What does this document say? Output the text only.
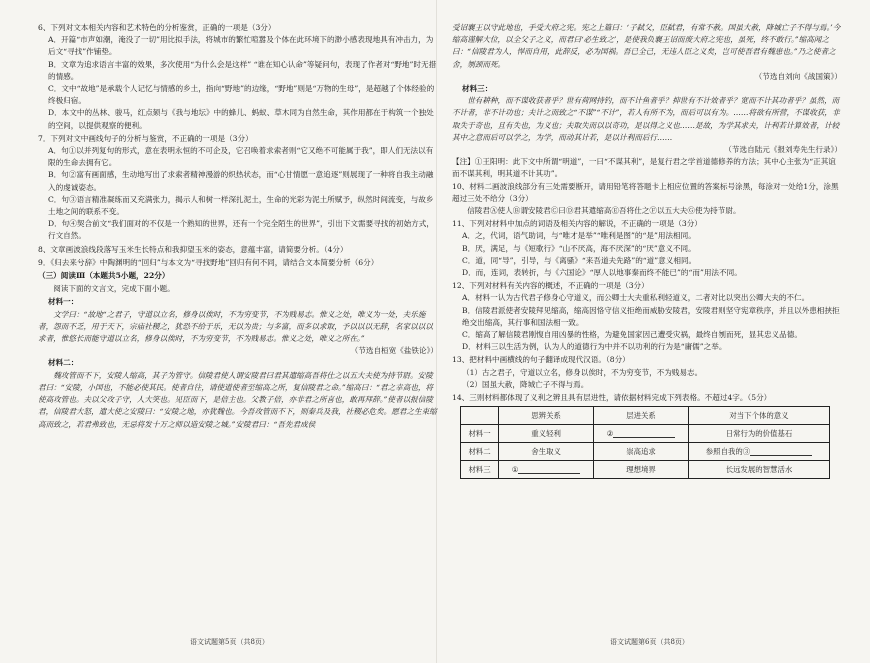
6、下列对文本相关内容和艺术特色的分析鉴赏，正确的一项是（3分）
A．开篇“市声如潮，淹没了一切”用比拟手法，将城市的繁忙喧嚣及个体在此环境下的渺小感表现地具有冲击力，为后文“寻找”作铺垫。
B．文章为追求语言丰富的效果，多次使用“为什么会是这样” “谁在知心认命”等疑问句，表现了作者对“野地”时无措的情感。
C．文中“故地”是承载个人记忆与情感的乡土，指向“野地”的边缘，“野地”则是“万物的生母”，是超越了个体经验的终极归宿。
D．本文中的丛林、骏马，红点颏与《我与地坛》中的蜂儿、蚂蚁、草木同为自然生命，其作用都在于构筑一个独处的空间，以提供观察的便利。
7．下列对文中画线句子的分析与鉴赏，不正确的一项是（3分）
A．句①以并列复句的形式，意在表明永恒的不可企及，它召唤着求索者则“它又绝不可能属于我”，即人们无法以有限的生命去拥有它。
B．句②富有画面感，生动地写出了求索者精神漫游的炽热状态，而“心甘情愿一意追逐”则展现了一种将自我主动融入的虔诚姿态。
C．句③语言精准凝练而又充满张力，揭示人和树一样深扎泥土，生命的光彩为泥土所赋予，纵然时间流变，与故乡土地之间的联系不变。
D．句④契合前文“我们面对的不仅是一个熟知的世界，还有一个完全陌生的世界”，引出下文需要寻找的初始方式，行文自然。
8、文章画波浪线段落写玉米生长特点和我抑望玉米的姿态，意蕴丰富，请简要分析。（4分）
9．《归去来兮辞》中陶渊明的“回归”与本文为“寻找野地”回归有何不同，请结合文本简要分析（6分）
（三）阅读Ⅲ（本题共5小题，22分）
阅读下面的文言文，完成下面小题。
材料一：
文学曰：“故地“之君子，守道以立名，修身以俟时，不为穷变节，不为贱易志。惟义之处，唯义为一处，夫乐施者，怨而不乏，用于天下，宗庙社稷之，犹恐不给于乐，无以为贵；与多富，而多以求取，予以以以无辞，名家以以以求者，惟悠长而能守道以立名，修身以俟时，不为穷变节，不为贱易志。惟义之处，唯义之所在。”
（节选自桓宽《盐铁论》）
材料二：
魏攻管而不下，安陵人缩高，其子为管守。信陵君使人谓安陵君曰君其遣缩高吾将仕之以五大夫使为持节尉。安陵君曰：“安陵，小国也，不能必使其民。使者自往，请使道使者至缩高之所，复信陵君之命。”缩高曰：“君之幸高也，将使高攻管也。夫以父攻子守，人大笑也。见臣而下，是倍主也。父教子倍，亦非君之所喜也，敢再拜辞。”使者以报信陵君，信陵君大怒，遣大使之安陵曰：“安陵之地，亦犹魏也。今吾攻管而不下，则秦兵及我，社稷必危矣。愿君之生束缩高而致之，若君弗致也，无忌将发十万之师以造安陵之城。”安陵君曰：“吾先君成侯
受诏襄王以守此地也，手受大府之宪。宪之上篇曰：‘子弑父，臣弑君，有常不赦。国虽大赦，降城亡子不得与焉。’今缩高谨解大位，以全父子之义，而君曰‘必生致之’，是使我负襄王诏而废大府之宪也，虽死，终不敢行。”缩高闻之曰：“信陵君为人，悍而自用，此辞反，必为国祸。吾已全己，无违人臣之义矣，岂可使吾君有魏患也。”乃之使者之舍，刎颈而死。
（节选自刘向《战国策》）
材料三：
世有耕种，而不谋收获者乎？世有荷网持钓，而不计鱼者乎？抑世有不计效者乎？宽而不计其功者乎？虽然，而不计者，非不计功也；夫计之而致之“不谋”“不计”，若人有所不为，而后可以有为。……将欲有所营，不谋收获，非取失于奇也，且有失也，为义也；夫取失而以以奇功，是以得之义也……是故，为学其求夫，计利若计算效者，计较其中之意而后可以学之，为学，而动其计若，是以计利而后行……
（节选自陆元《报刘寿先生行录》）
【注】①王阳明：此下文中所谓“明道”，一曰“不谋其利”，是复行君之学首道德修养的方法；其中心主张为“正其谊而不谋其利，明其道不计其功”。
10、材料二画波浪线部分有三处需要断开，请用铅笔将答题卡上相应位置的答案标号涂黑，每涂对一处给1分，涂黑超过三处不给分（3分）
信陵君Ⓐ使人Ⓑ谓安陵君Ⓒ曰Ⓓ君其遣缩高Ⓔ吾将仕之Ⓕ以五大夫Ⓖ使为持节尉。
11、下列对材料中加点的词语及相关内容的解说，不正确的一项是（3分）
A．之，代词，语气助词，与“唯才是举”“唯利是图”的“是”用法相同。
B．厌，满足，与《短歌行》“山不厌高，海不厌深”的“厌”意义不同。
C．道，同“导”，引导，与《离骚》“来吾道夫先路”的“道”意义相同。
D．而，连词，表转折，与《六国论》“厚人以地事秦而终不能已”的“而”用法不同。
12、下列对材料有关内容的概述，不正确的一项是（3分）
A．材料一认为古代君子修身心守道义，而公卿士大夫重私利轻道义，二者对比以突出公卿大夫的不仁。
B．信陵君派使者安陵拜见缩高，缩高因恪守信义拒绝而威胁安陵君，安陵君则坚守宪章秩序，并且以外患相挟拒绝交出缩高，其行事和国法相一致。
C．缩高了解信陵君刚愎自用凶暴的性格，为避免国家因己遭受灾祸，最终自刎而死，显其忠义品德。
D．材料三以生活为例，认为人的道德行为中并不以功利的行为是“庸儒”之举。
13、把材料中画横线的句子翻译成现代汉语。（8分）
（1）古之君子，守道以立名，修身以俟时，不为穷变节，不为贱易志。
（2）国虽大赦，降城亡子不得与焉。
14、三则材料都体现了义利之辨且具有层进性，请依据材料完成下列表格。不超过4字。（5分）
	思辨关系	层进关系	对当下个体的意义
材料一	重义轻利	②	日常行为的价值基石
材料二	舍生取义	崇高追求	参照自我的③
材料三	①	理想境界	长远发展的智慧活水
语文试题第5页（共8页）	语文试题第6页（共8页）
